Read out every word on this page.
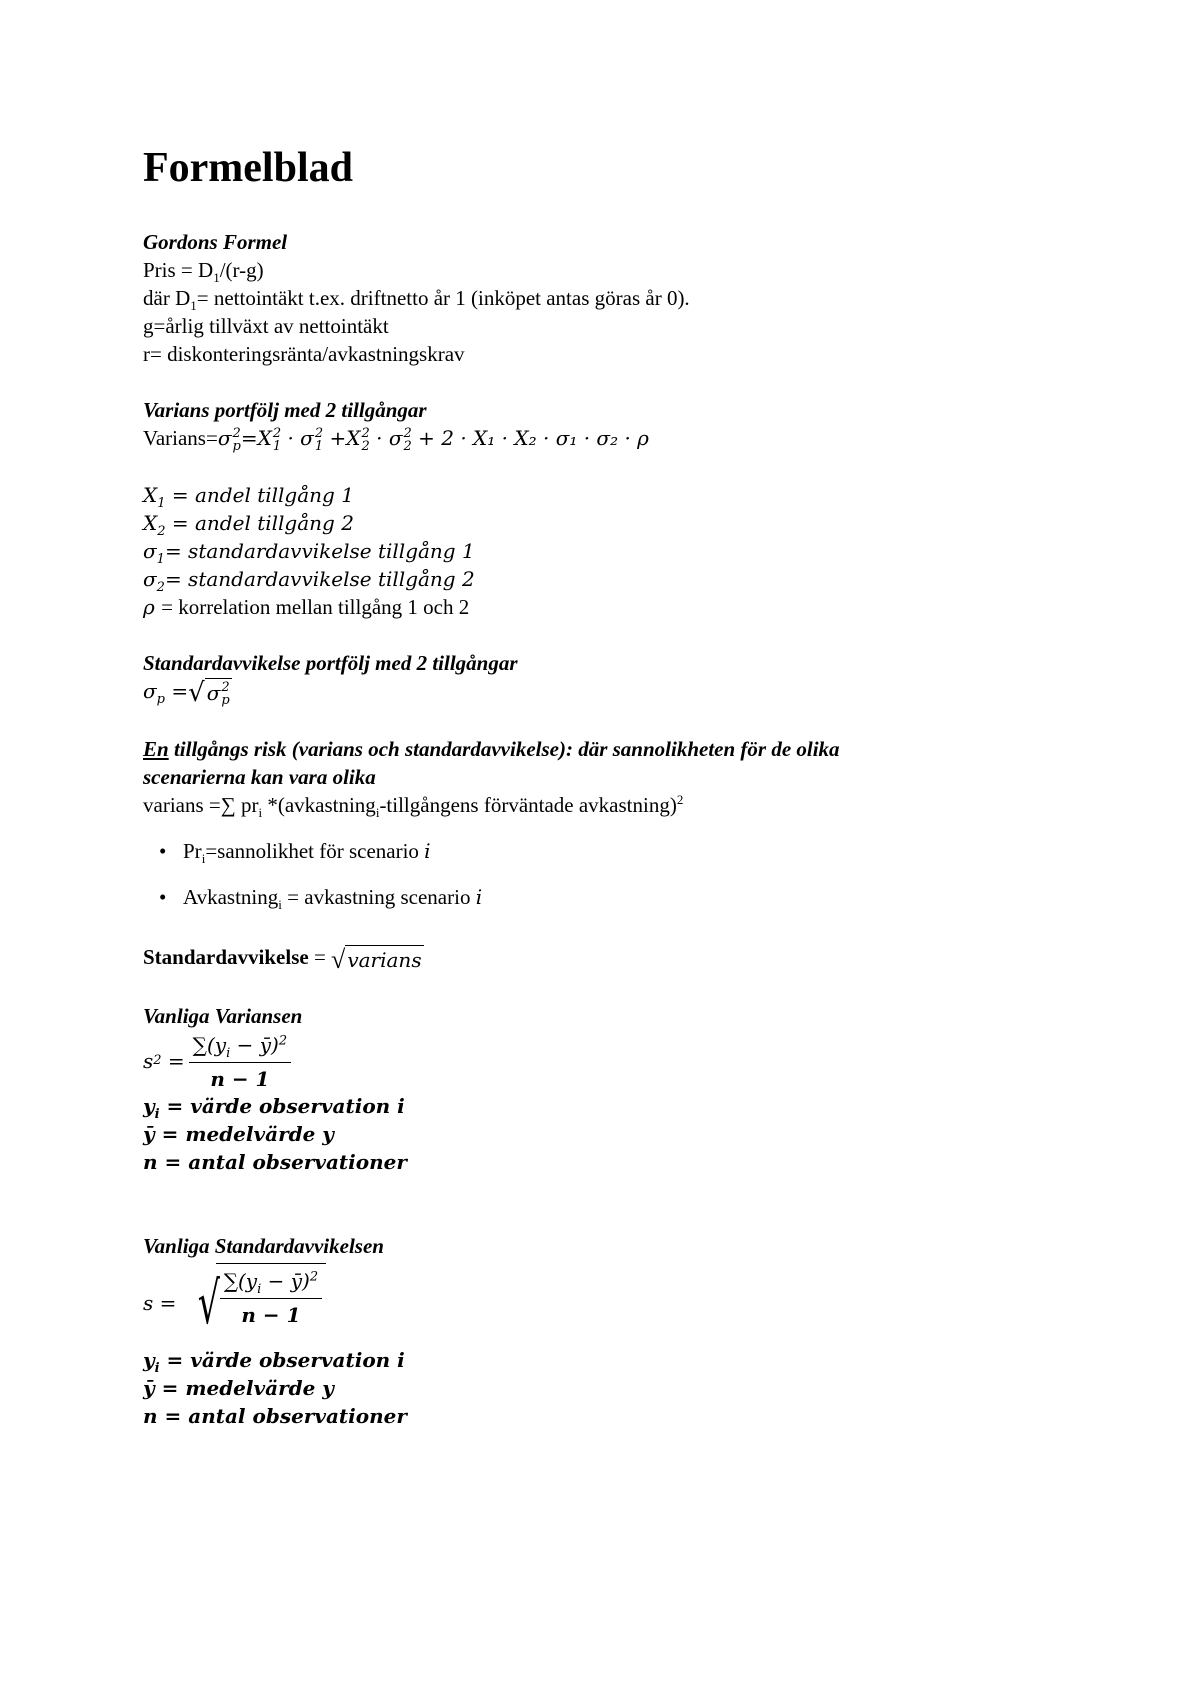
Formelblad
Gordons Formel
Pris = $D_1/(r-g)$
där $D_1=$ nettointäkt t.ex. driftnetto år 1 (inköpet antas göras år 0).
g=årlig tillväxt av nettointäkt
r= diskonteringsränta/avkastningskrav
Varians portfölj med 2 tillgångar
Varians=σ 2
p =X 2
1 · σ 2
1 +X 2
2 · σ 2
2 + 2 · X₁ · X₂ · σ₁ · σ₂ · ρ
$X_1$ = andel tillgång 1
$X_2$ = andel tillgång 2
$\sigma_1=$ standardavvikelse tillgång 1
$\sigma_2=$ standardavvikelse tillgång 2
ρ = korrelation mellan tillgång 1 och 2
Standardavvikelse portfölj med 2 tillgångar
$\sigma_p$ = √ σ 2
p
En tillgångs risk (varians och standardavvikelse): där sannolikheten för de olika
scenarierna kan vara olika
varians =∑ $pr_i$ *(avkastning$_i$-tillgångens förväntade avkastning)$^2$
• $Pr_i=sannolikhet$ för scenario i
• Avkastning$_i$ = avkastning scenario i
Standardavvikelse = √ varians
Vanliga Variansen
s $2 = \frac{\sum(y_i - ȳ)^2}{n - 1}$
$y_i$ = värde observation i
ȳ = medelvärde y
n = antal observationer
Vanliga Standardavvikelsen
s = √ $\frac{\sum(y_i - ȳ)^2}{n - 1}$
$y_i$ = värde observation i
ȳ = medelvärde y
n = antal observationer
